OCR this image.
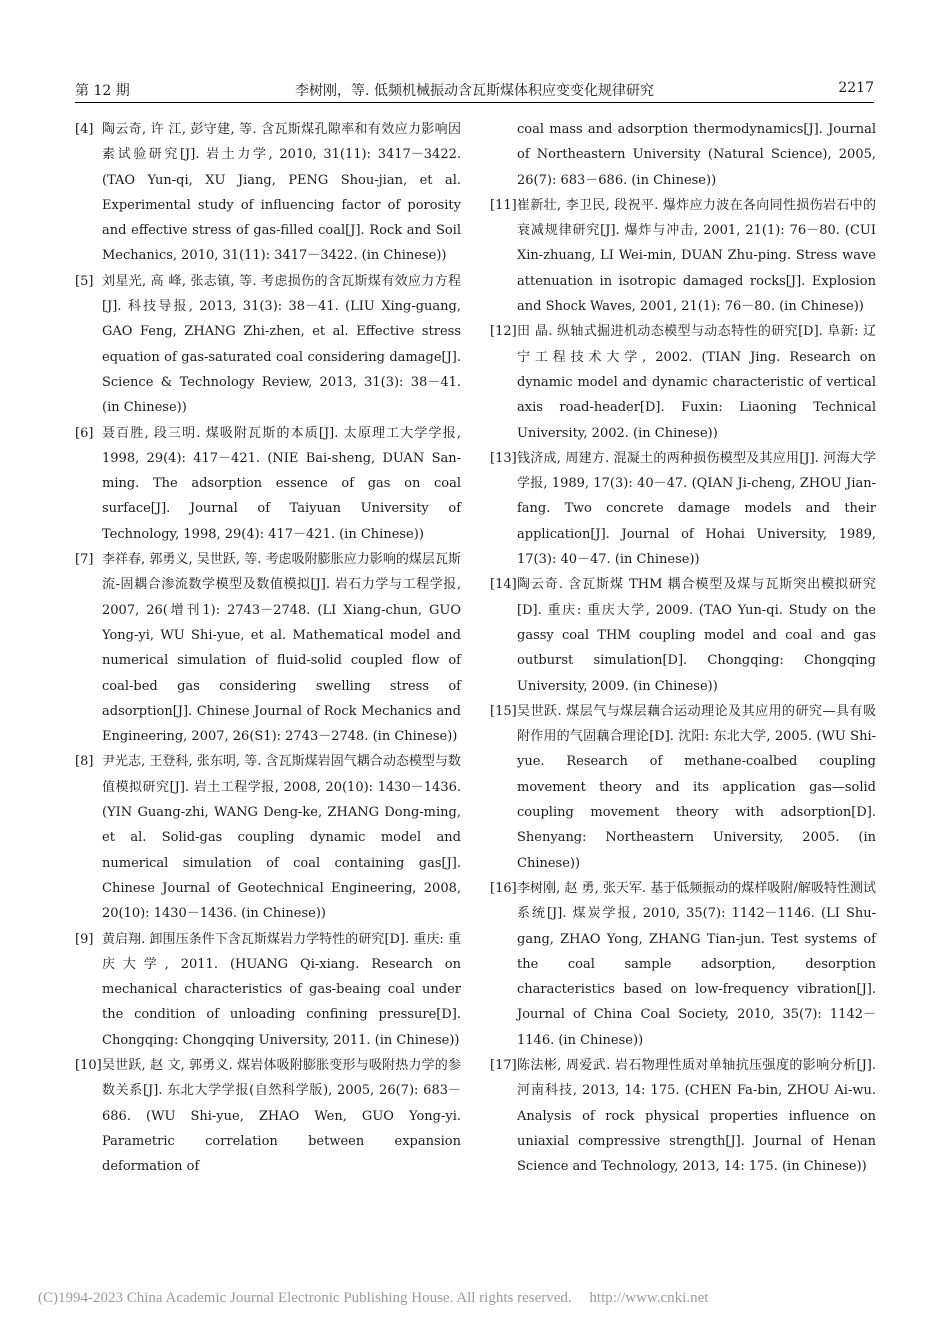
第 12 期	李树刚，等. 低频机械振动含瓦斯煤体积应变变化规律研究	2217
[4] 陶云奇, 许 江, 彭守建, 等. 含瓦斯煤孔隙率和有效应力影响因素试验研究[J]. 岩土力学, 2010, 31(11): 3417－3422. (TAO Yun-qi, XU Jiang, PENG Shou-jian, et al. Experimental study of influencing factor of porosity and effective stress of gas-filled coal[J]. Rock and Soil Mechanics, 2010, 31(11): 3417－3422. (in Chinese))
[5] 刘星光, 高 峰, 张志镇, 等. 考虑损伤的含瓦斯煤有效应力方程[J]. 科技导报, 2013, 31(3): 38－41. (LIU Xing-guang, GAO Feng, ZHANG Zhi-zhen, et al. Effective stress equation of gas-saturated coal considering damage[J]. Science & Technology Review, 2013, 31(3): 38－41. (in Chinese))
[6] 聂百胜, 段三明. 煤吸附瓦斯的本质[J]. 太原理工大学学报, 1998, 29(4): 417－421. (NIE Bai-sheng, DUAN San-ming. The adsorption essence of gas on coal surface[J]. Journal of Taiyuan University of Technology, 1998, 29(4): 417－421. (in Chinese))
[7] 李祥春, 郭勇义, 吴世跃, 等. 考虑吸附膨胀应力影响的煤层瓦斯流-固耦合渗流数学模型及数值模拟[J]. 岩石力学与工程学报, 2007, 26(增刊1): 2743－2748. (LI Xiang-chun, GUO Yong-yi, WU Shi-yue, et al. Mathematical model and numerical simulation of fluid-solid coupled flow of coal-bed gas considering swelling stress of adsorption[J]. Chinese Journal of Rock Mechanics and Engineering, 2007, 26(S1): 2743－2748. (in Chinese))
[8] 尹光志, 王登科, 张东明, 等. 含瓦斯煤岩固气耦合动态模型与数值模拟研究[J]. 岩土工程学报, 2008, 20(10): 1430－1436. (YIN Guang-zhi, WANG Deng-ke, ZHANG Dong-ming, et al. Solid-gas coupling dynamic model and numerical simulation of coal containing gas[J]. Chinese Journal of Geotechnical Engineering, 2008, 20(10): 1430－1436. (in Chinese))
[9] 黄启翔. 卸围压条件下含瓦斯煤岩力学特性的研究[D]. 重庆: 重庆大学, 2011. (HUANG Qi-xiang. Research on mechanical characteristics of gas-beaing coal under the condition of unloading confining pressure[D]. Chongqing: Chongqing University, 2011. (in Chinese))
[10] 吴世跃, 赵 文, 郭勇义. 煤岩体吸附膨胀变形与吸附热力学的参数关系[J]. 东北大学学报(自然科学版), 2005, 26(7): 683－686. (WU Shi-yue, ZHAO Wen, GUO Yong-yi. Parametric correlation between expansion deformation of
coal mass and adsorption thermodynamics[J]. Journal of Northeastern University (Natural Science), 2005, 26(7): 683－686. (in Chinese))
[11] 崔新壮, 李卫民, 段祝平. 爆炸应力波在各向同性损伤岩石中的衰减规律研究[J]. 爆炸与冲击, 2001, 21(1): 76－80. (CUI Xin-zhuang, LI Wei-min, DUAN Zhu-ping. Stress wave attenuation in isotropic damaged rocks[J]. Explosion and Shock Waves, 2001, 21(1): 76－80. (in Chinese))
[12] 田 晶. 纵轴式掘进机动态模型与动态特性的研究[D]. 阜新: 辽宁工程技术大学, 2002. (TIAN Jing. Research on dynamic model and dynamic characteristic of vertical axis road-header[D]. Fuxin: Liaoning Technical University, 2002. (in Chinese))
[13] 钱济成, 周建方. 混凝土的两种损伤模型及其应用[J]. 河海大学学报, 1989, 17(3): 40－47. (QIAN Ji-cheng, ZHOU Jian-fang. Two concrete damage models and their application[J]. Journal of Hohai University, 1989, 17(3): 40－47. (in Chinese))
[14] 陶云奇. 含瓦斯煤 THM 耦合模型及煤与瓦斯突出模拟研究[D]. 重庆: 重庆大学, 2009. (TAO Yun-qi. Study on the gassy coal THM coupling model and coal and gas outburst simulation[D]. Chongqing: Chongqing University, 2009. (in Chinese))
[15] 吴世跃. 煤层气与煤层藕合运动理论及其应用的研究—具有吸附作用的气固藕合理论[D]. 沈阳: 东北大学, 2005. (WU Shi-yue. Research of methane-coalbed coupling movement theory and its application gas—solid coupling movement theory with adsorption[D]. Shenyang: Northeastern University, 2005. (in Chinese))
[16] 李树刚, 赵 勇, 张天军. 基于低频振动的煤样吸附/解吸特性测试系统[J]. 煤炭学报, 2010, 35(7): 1142－1146. (LI Shu-gang, ZHAO Yong, ZHANG Tian-jun. Test systems of the coal sample adsorption, desorption characteristics based on low-frequency vibration[J]. Journal of China Coal Society, 2010, 35(7): 1142－1146. (in Chinese))
[17] 陈法彬, 周爱武. 岩石物理性质对单轴抗压强度的影响分析[J]. 河南科技, 2013, 14: 175. (CHEN Fa-bin, ZHOU Ai-wu. Analysis of rock physical properties influence on uniaxial compressive strength[J]. Journal of Henan Science and Technology, 2013, 14: 175. (in Chinese))
(C)1994-2023 China Academic Journal Electronic Publishing House. All rights reserved. http://www.cnki.net
